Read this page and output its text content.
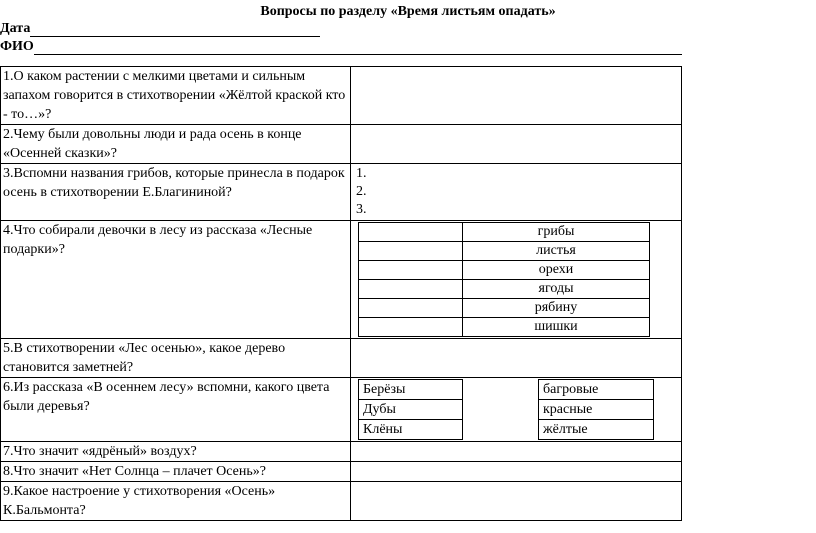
Вопросы по разделу «Время листьям опадать»
Дата
ФИО
1.О каком растении с мелкими цветами и сильным запахом говорится в стихотворении «Жёлтой краской кто - то…»?	
2.Чему были довольны люди и рада осень в конце «Осенней сказки»?	
3.Вспомни названия грибов, которые принесла в подарок осень в стихотворении Е.Благининой?	
1.
2.
3.

4.Что собирали девочки в лесу из рассказа «Лесные подарки»?	
	грибы
	листья
	орехи
	ягоды
	рябину
	шишки

5.В стихотворении «Лес осенью», какое дерево становится заметней?	
6.Из рассказа «В осеннем лесу» вспомни, какого цвета были деревья?	
Берёзы		багровые
Дубы		красные
Клёны		жёлтые

7.Что значит «ядрёный» воздух?	
8.Что значит «Нет Солнца – плачет Осень»?	
9.Какое настроение у стихотворения «Осень» К.Бальмонта?	
